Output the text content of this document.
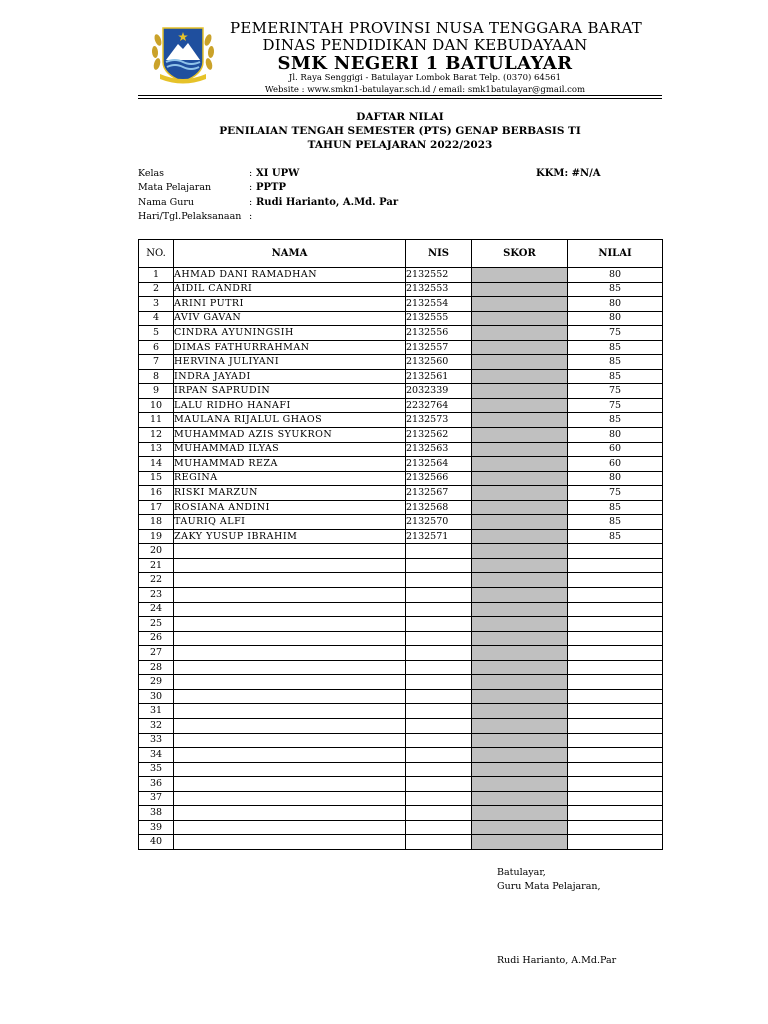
PEMERINTAH PROVINSI NUSA TENGGARA BARAT
DINAS PENDIDIKAN DAN KEBUDAYAAN
SMK NEGERI 1 BATULAYAR
Jl. Raya Senggigi - Batulayar Lombok Barat Telp. (0370) 64561
Website : www.smkn1-batulayar.sch.id / email: smk1batulayar@gmail.com
DAFTAR NILAI
PENILAIAN TENGAH SEMESTER (PTS) GENAP BERBASIS TI
TAHUN PELAJARAN 2022/2023
Kelas	: XI UPW	KKM: #N/A
Mata Pelajaran	: PPTP
Nama Guru	: Rudi Harianto, A.Md. Par
Hari/Tgl.Pelaksanaan :
NO.	NAMA	NIS	SKOR	NILAI
1	AHMAD DANI RAMADHAN	2132552		80
2	AIDIL CANDRI	2132553		85
3	ARINI PUTRI	2132554		80
4	AVIV GAVAN	2132555		80
5	CINDRA AYUNINGSIH	2132556		75
6	DIMAS FATHURRAHMAN	2132557		85
7	HERVINA JULIYANI	2132560		85
8	INDRA JAYADI	2132561		85
9	IRPAN SAPRUDIN	2032339		75
10	LALU RIDHO HANAFI	2232764		75
11	MAULANA RIJALUL GHAOS	2132573		85
12	MUHAMMAD AZIS SYUKRON	2132562		80
13	MUHAMMAD ILYAS	2132563		60
14	MUHAMMAD REZA	2132564		60
15	REGINA	2132566		80
16	RISKI MARZUN	2132567		75
17	ROSIANA ANDINI	2132568		85
18	TAURIQ ALFI	2132570		85
19	ZAKY YUSUP IBRAHIM	2132571		85
20				
21				
22				
23				
24				
25				
26				
27				
28				
29				
30				
31				
32				
33				
34				
35				
36				
37				
38				
39				
40				
Batulayar,
Guru Mata Pelajaran,
Rudi Harianto, A.Md.Par
